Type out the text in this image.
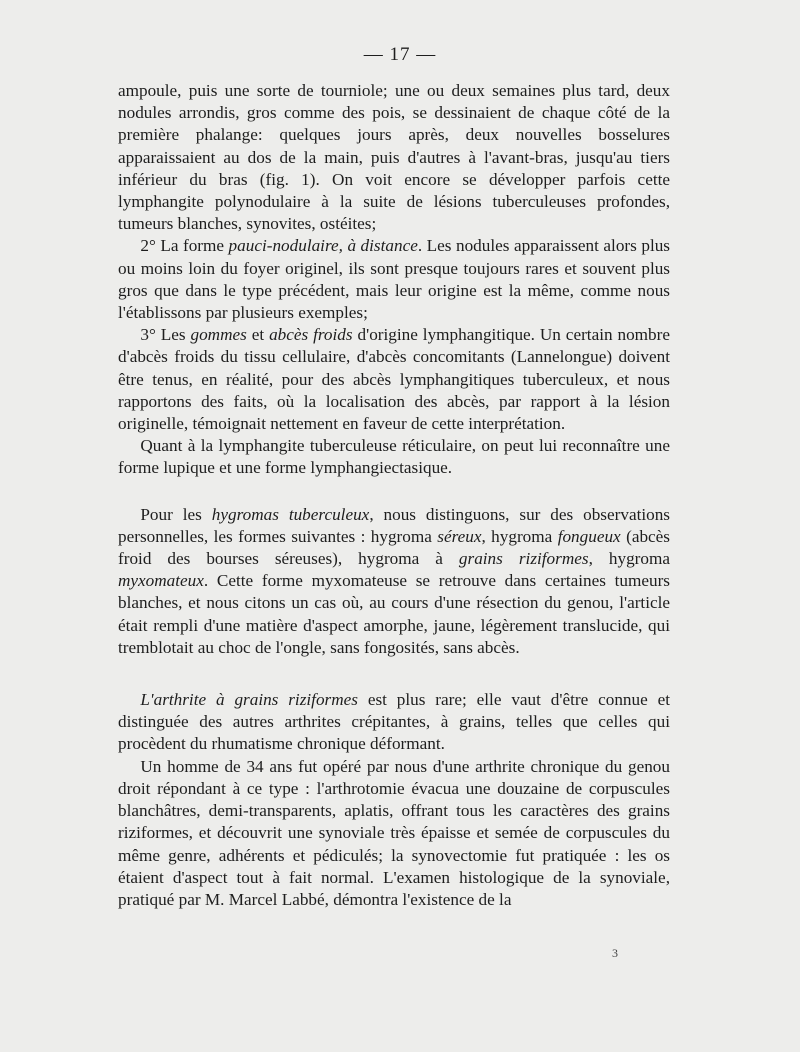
— 17 —

ampoule, puis une sorte de tourniole; une ou deux semaines plus tard, deux nodules arrondis, gros comme des pois, se dessinaient de chaque côté de la première phalange: quelques jours après, deux nouvelles bosselures apparaissaient au dos de la main, puis d'autres à l'avant-bras, jusqu'au tiers inférieur du bras (fig. 1). On voit encore se développer parfois cette lymphangite polynodulaire à la suite de lésions tuberculeuses profondes, tumeurs blanches, synovites, ostéites;

2° La forme pauci-nodulaire, à distance. Les nodules apparaissent alors plus ou moins loin du foyer originel, ils sont presque toujours rares et souvent plus gros que dans le type précédent, mais leur origine est la même, comme nous l'établissons par plusieurs exemples;

3° Les gommes et abcès froids d'origine lymphangitique. Un certain nombre d'abcès froids du tissu cellulaire, d'abcès concomitants (Lannelongue) doivent être tenus, en réalité, pour des abcès lymphangitiques tuberculeux, et nous rapportons des faits, où la localisation des abcès, par rapport à la lésion originelle, témoignait nettement en faveur de cette interprétation.

Quant à la lymphangite tuberculeuse réticulaire, on peut lui reconnaître une forme lupique et une forme lymphangiectasique.

Pour les hygromas tuberculeux, nous distinguons, sur des observations personnelles, les formes suivantes : hygroma séreux, hygroma fongueux (abcès froid des bourses séreuses), hygroma à grains riziformes, hygroma myxomateux. Cette forme myxomateuse se retrouve dans certaines tumeurs blanches, et nous citons un cas où, au cours d'une résection du genou, l'article était rempli d'une matière d'aspect amorphe, jaune, légèrement translucide, qui tremblotait au choc de l'ongle, sans fongosités, sans abcès.

L'arthrite à grains riziformes est plus rare; elle vaut d'être connue et distinguée des autres arthrites crépitantes, à grains, telles que celles qui procèdent du rhumatisme chronique déformant.

Un homme de 34 ans fut opéré par nous d'une arthrite chronique du genou droit répondant à ce type : l'arthrotomie évacua une douzaine de corpuscules blanchâtres, demi-transparents, aplatis, offrant tous les caractères des grains riziformes, et découvrit une synoviale très épaisse et semée de corpuscules du même genre, adhérents et pédiculés; la synovectomie fut pratiquée : les os étaient d'aspect tout à fait normal. L'examen histologique de la synoviale, pratiqué par M. Marcel Labbé, démontra l'existence de la

3
